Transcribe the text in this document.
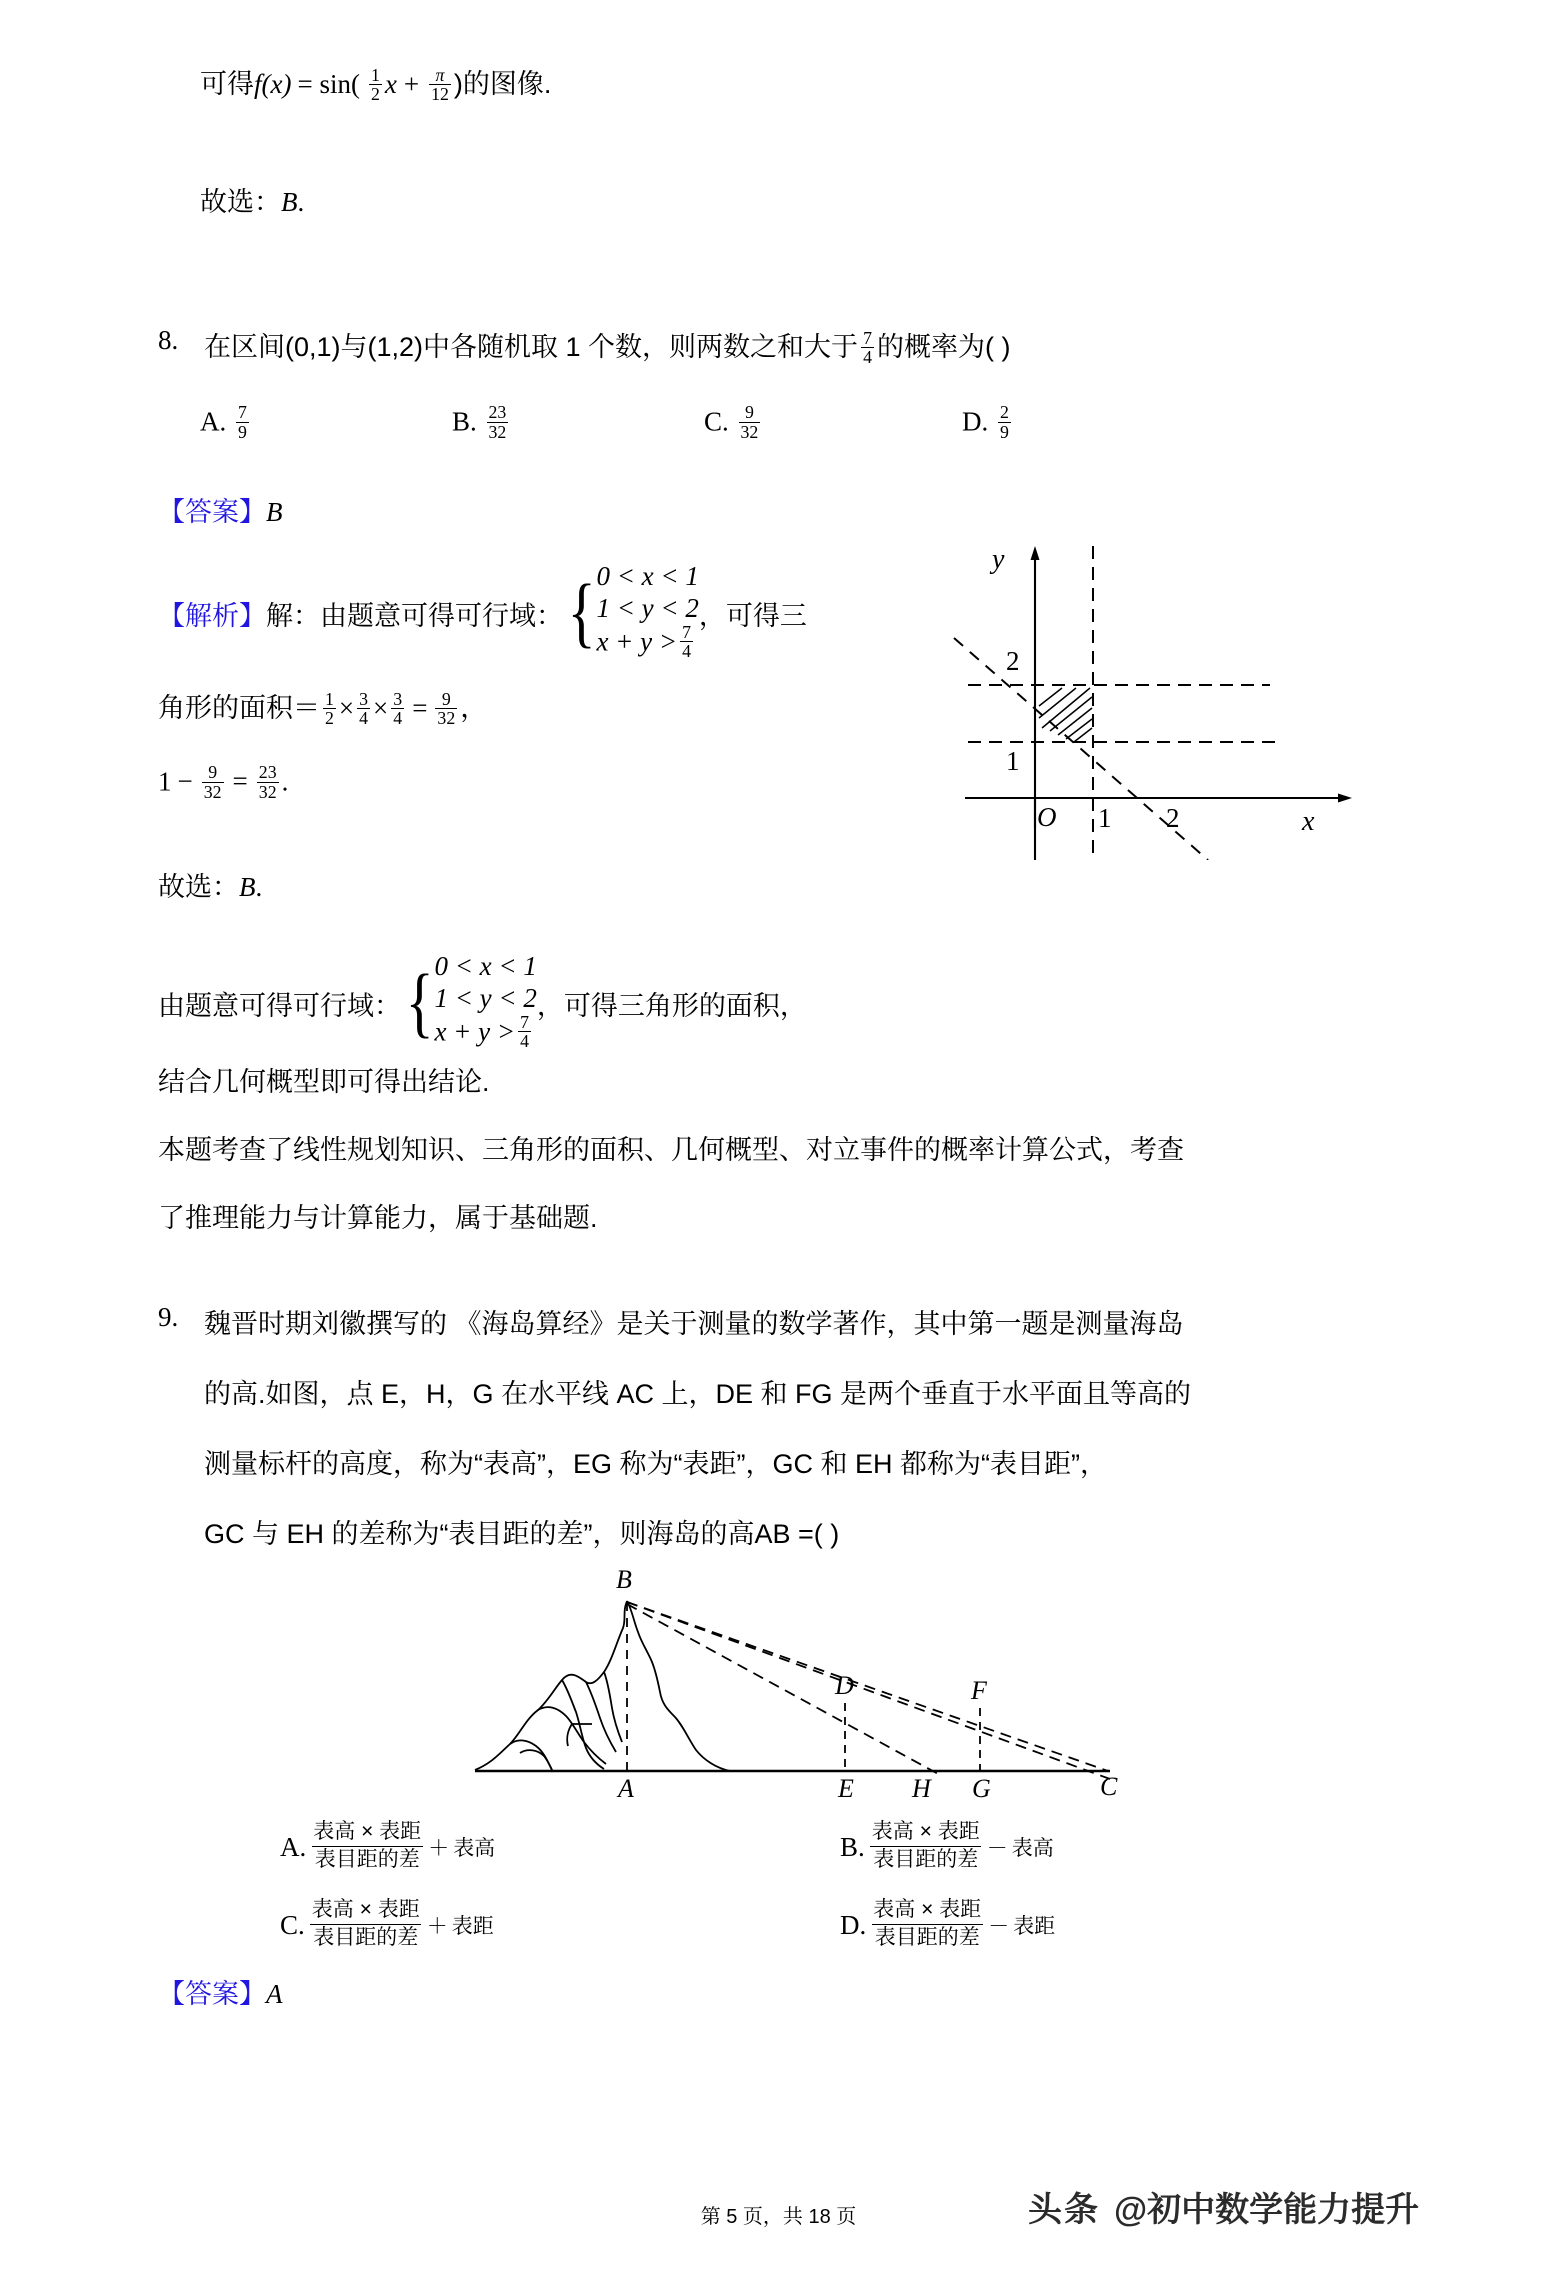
可得$f(x) = \sin( \frac{1}{2}$ $x + \frac{\pi}{12}$ )的图像.
故选：B.
8. 在区间(0,1)与(1,2)中各随机取 1 个数，则两数之和大于 $\frac{7}{4}$ 的概率为( )
A. $\frac{7}{9}$	B. $\frac{23}{32}$	C. $\frac{9}{32}$	D. $\frac{2}{9}$
【答案】B
【解析】 解：由题意可得可行域： { 0 < x < 1
1 < y < 2
$x + y > \frac{7}{4}$
，可得三
角形的面积＝ $\frac{1}{2} \times \frac{3}{4} \times \frac{3}{4} = \frac{9}{32}$ ，
$1 - \frac{9}{32} = \frac{23}{32}$ .
故选：B.
由题意可得可行域： { 0 < x < 1
1 < y < 2
$x + y > \frac{7}{4}$
，可得三角形的面积，
结合几何概型即可得出结论.
本题考查了线性规划知识、三角形的面积、几何概型、对立事件的概率计算公式，考查
了推理能力与计算能力，属于基础题.
y
x
O
2
1
1 2
9. 魏晋时期刘徽撰写的 《海岛算经》是关于测量的数学著作，其中第一题是测量海岛
的高.如图，点 E，H，G 在水平线 AC 上，DE 和 FG 是两个垂直于水平面且等高的
测量标杆的高度，称为“表高”，EG 称为“表距”，GC 和 EH 都称为“表目距”，
GC 与 EH 的差称为“表目距的差”，则海岛的高AB =( )
B
A
D	F
E H G	C
A. $\frac{\text{表高 × 表距}}{\text{表目距的差}}$ ＋ 表高	B. $\frac{\text{表高 × 表距}}{\text{表目距的差}}$ － 表高
C. $\frac{\text{表高 × 表距}}{\text{表目距的差}}$ ＋ 表距	D. $\frac{\text{表高 × 表距}}{\text{表目距的差}}$ － 表距
【答案】A
第 5 页，共 18 页	头条 @初中数学能力提升
